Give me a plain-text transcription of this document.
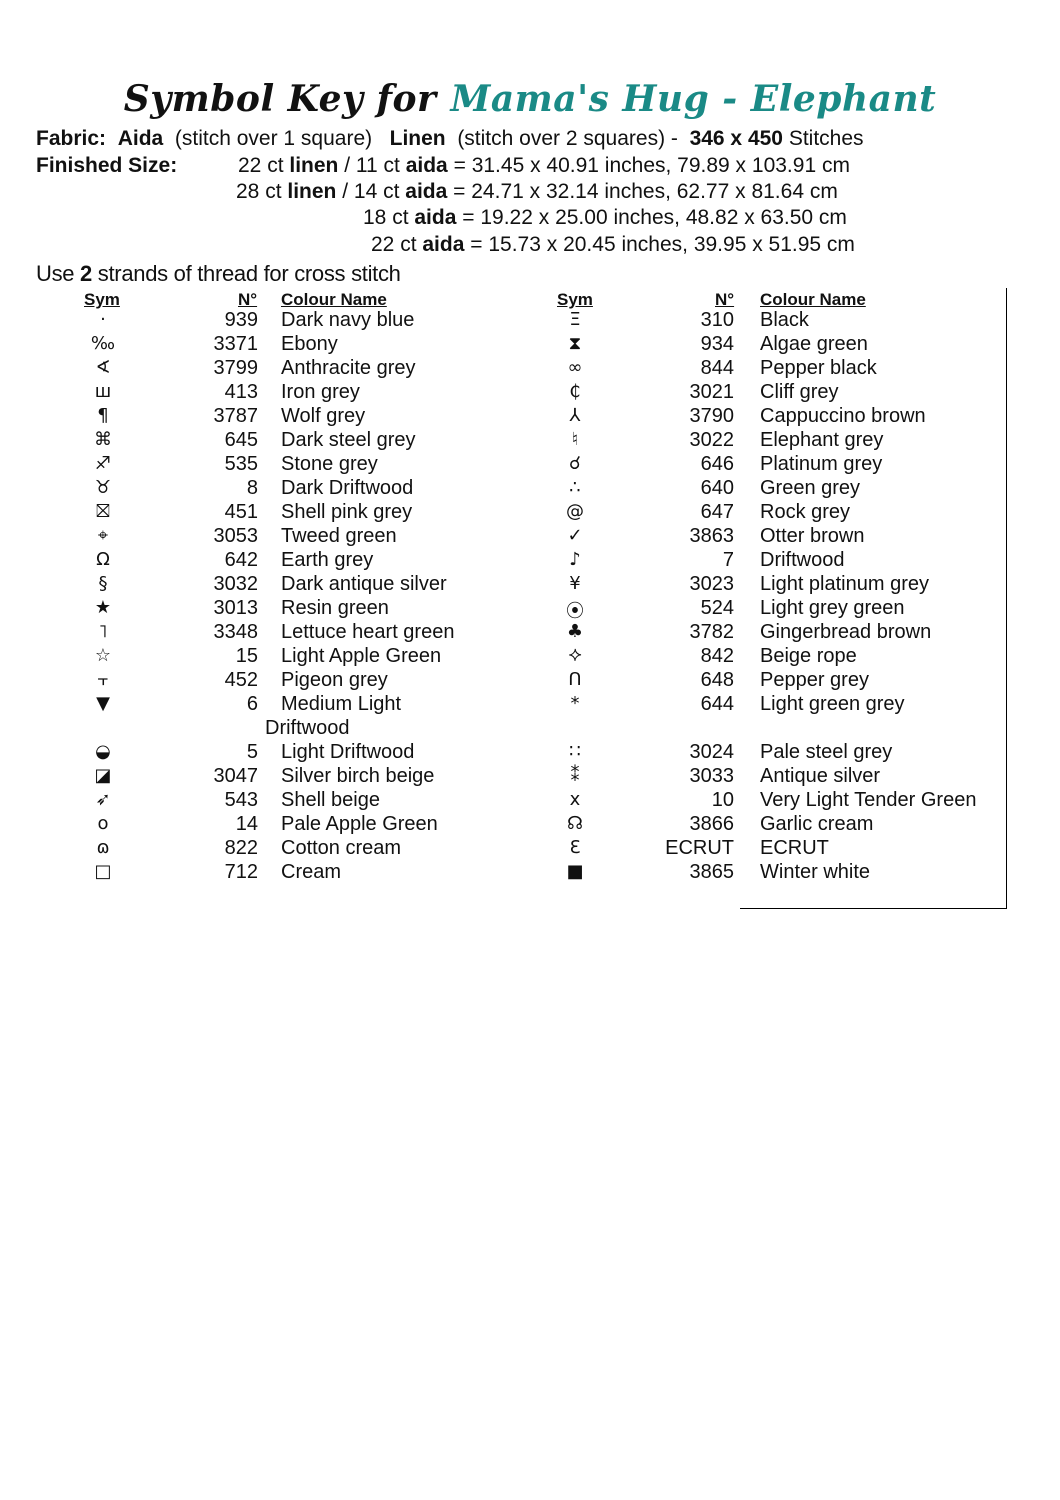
Symbol Key for Mama's Hug - Elephant
Fabric: Aida (stitch over 1 square) Linen (stitch over 2 squares) - 346 x 450 Stitches
Finished Size:	22 ct linen / 11 ct aida = 31.45 x 40.91 inches, 79.89 x 103.91 cm
28 ct linen / 14 ct aida = 24.71 x 32.14 inches, 62.77 x 81.64 cm
18 ct aida = 19.22 x 25.00 inches, 48.82 x 63.50 cm
22 ct aida = 15.73 x 20.45 inches, 39.95 x 51.95 cm
Use 2 strands of thread for cross stitch
Sym	N° Colour Name	Sym	N° Colour Name
·	939 Dark navy blue
‰	3371 Ebony
∢	3799 Anthracite grey
ш	413 Iron grey
¶	3787 Wolf grey
⌘	645 Dark steel grey
♐	535 Stone grey
♉	8 Dark Driftwood
⛝	451 Shell pink grey
⌖	3053 Tweed green
Ω	642 Earth grey
§	3032 Dark antique silver
★	3013 Resin green
˥	3348 Lettuce heart green
☆	15 Light Apple Green
⫟	452 Pigeon grey
▼	6 Medium Light
Driftwood
◒	5 Light Driftwood
◪	3047 Silver birch beige
➶	543 Shell beige
o	14 Pale Apple Green
ɷ	822 Cotton cream
□	712 Cream
Ξ	310 Black
⧗	934 Algae green
∞	844 Pepper black
₵	3021 Cliff grey
⅄	3790 Cappuccino brown
♮	3022 Elephant grey
☌	646 Platinum grey
∴	640 Green grey
@	647 Rock grey
✓	3863 Otter brown
♪	7 Driftwood
¥	3023 Light platinum grey
⦿	524 Light grey green
♣	3782 Gingerbread brown
⯎	842 Beige rope
ᑎ	648 Pepper grey
*	644 Light green grey
∷	3024 Pale steel grey
⁑	3033 Antique silver
x	10 Very Light Tender Green
☊	3866 Garlic cream
Ɛ	ECRUT ECRUT
■	3865 Winter white
